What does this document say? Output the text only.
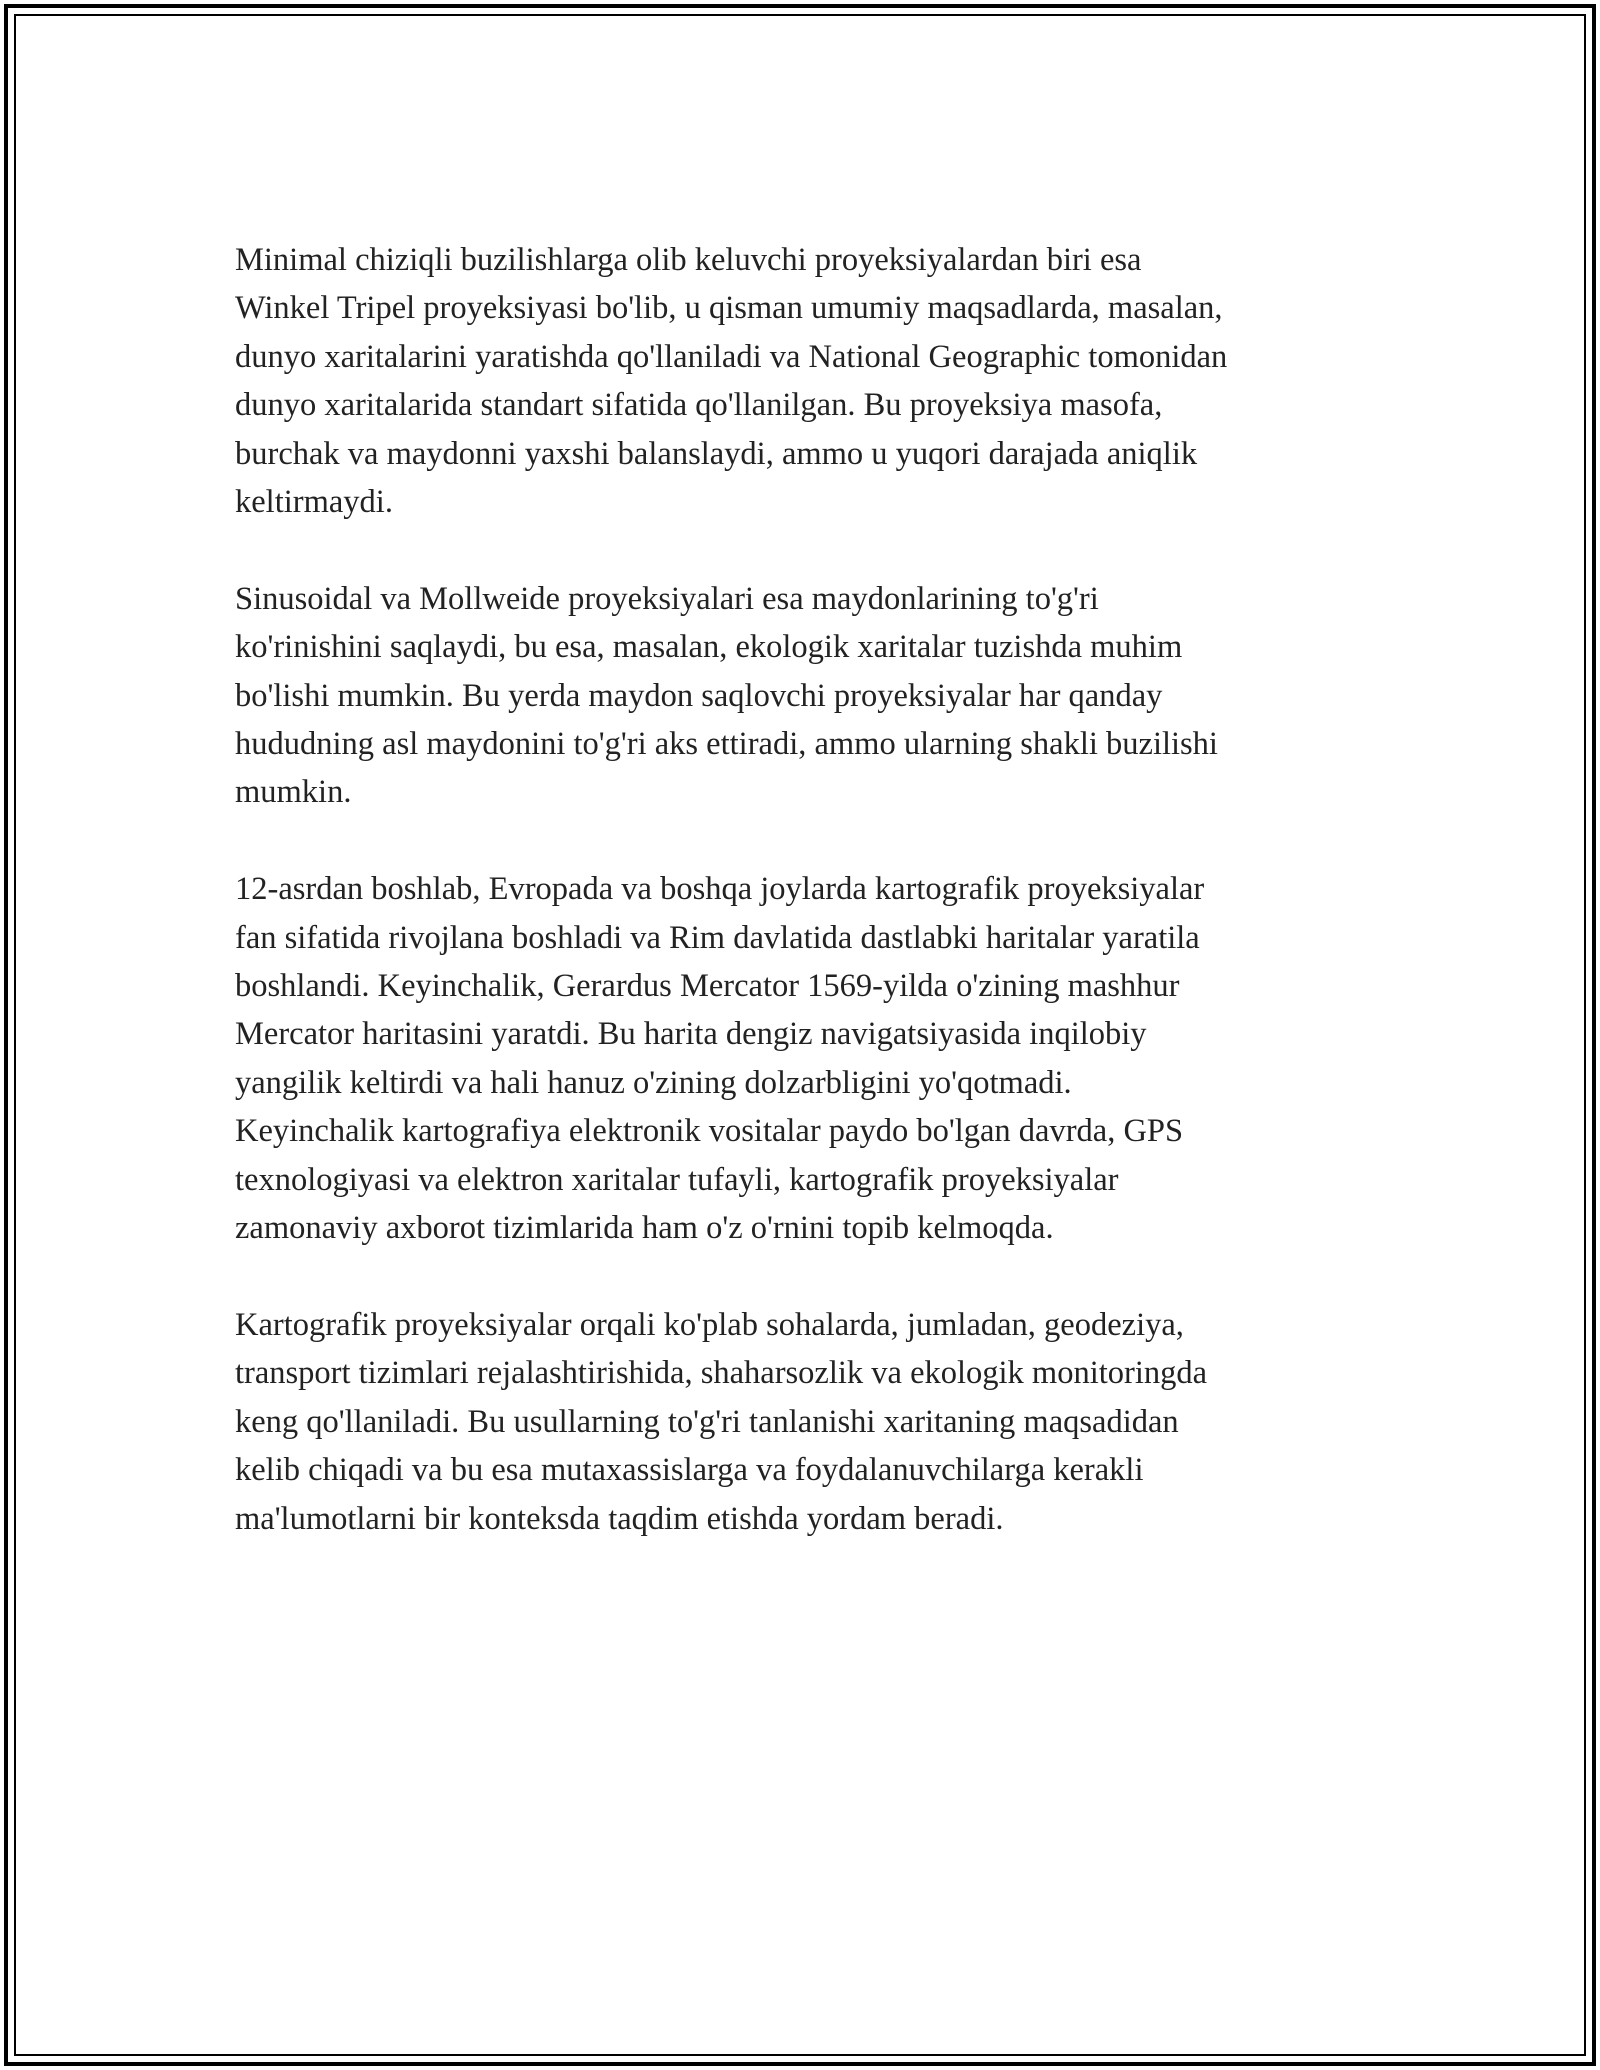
Minimal chiziqli buzilishlarga olib keluvchi proyeksiyalardan biri esa
Winkel Tripel proyeksiyasi bo'lib, u qisman umumiy maqsadlarda, masalan,
dunyo xaritalarini yaratishda qo'llaniladi va National Geographic tomonidan
dunyo xaritalarida standart sifatida qo'llanilgan. Bu proyeksiya masofa,
burchak va maydonni yaxshi balanslaydi, ammo u yuqori darajada aniqlik
keltirmaydi.

Sinusoidal va Mollweide proyeksiyalari esa maydonlarining to'g'ri
ko'rinishini saqlaydi, bu esa, masalan, ekologik xaritalar tuzishda muhim
bo'lishi mumkin. Bu yerda maydon saqlovchi proyeksiyalar har qanday
hududning asl maydonini to'g'ri aks ettiradi, ammo ularning shakli buzilishi
mumkin.

12-asrdan boshlab, Evropada va boshqa joylarda kartografik proyeksiyalar
fan sifatida rivojlana boshladi va Rim davlatida dastlabki haritalar yaratila
boshlandi. Keyinchalik, Gerardus Mercator 1569-yilda o'zining mashhur
Mercator haritasini yaratdi. Bu harita dengiz navigatsiyasida inqilobiy
yangilik keltirdi va hali hanuz o'zining dolzarbligini yo'qotmadi.
Keyinchalik kartografiya elektronik vositalar paydo bo'lgan davrda, GPS
texnologiyasi va elektron xaritalar tufayli, kartografik proyeksiyalar
zamonaviy axborot tizimlarida ham o'z o'rnini topib kelmoqda.

Kartografik proyeksiyalar orqali ko'plab sohalarda, jumladan, geodeziya,
transport tizimlari rejalashtirishida, shaharsozlik va ekologik monitoringda
keng qo'llaniladi. Bu usullarning to'g'ri tanlanishi xaritaning maqsadidan
kelib chiqadi va bu esa mutaxassislarga va foydalanuvchilarga kerakli
ma'lumotlarni bir konteksda taqdim etishda yordam beradi.
